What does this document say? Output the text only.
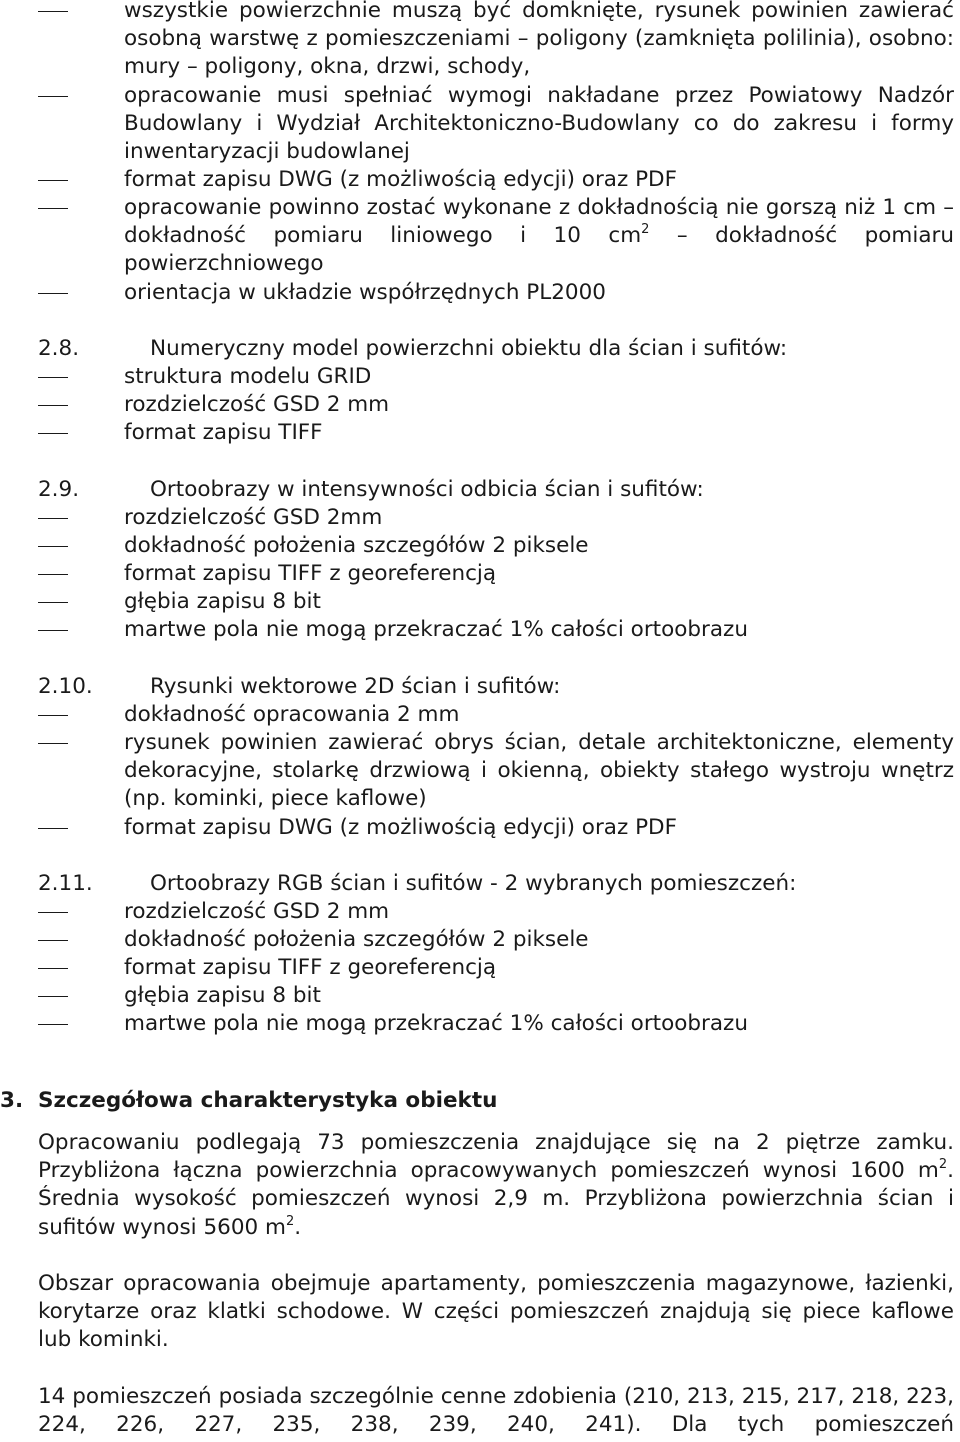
wszystkie powierzchnie muszą być domknięte, rysunek powinien zawierać osobną warstwę z pomieszczeniami – poligony (zamknięta polilinia), osobno: mury – poligony, okna, drzwi, schody,
opracowanie musi spełniać wymogi nakładane przez Powiatowy Nadzór Budowlany i Wydział Architektoniczno-Budowlany co do zakresu i formy inwentaryzacji budowlanej
format zapisu DWG (z możliwością edycji) oraz PDF
opracowanie powinno zostać wykonane z dokładnością nie gorszą niż 1 cm – dokładność pomiaru liniowego i 10 $cm^2$ – dokładność pomiaru powierzchniowego
orientacja w układzie współrzędnych PL2000
2.8.	Numeryczny model powierzchni obiektu dla ścian i sufitów:
struktura modelu GRID
rozdzielczość GSD 2 mm
format zapisu TIFF
2.9.	Ortoobrazy w intensywności odbicia ścian i sufitów:
rozdzielczość GSD 2mm
dokładność położenia szczegółów 2 piksele
format zapisu TIFF z georeferencją
głębia zapisu 8 bit
martwe pola nie mogą przekraczać 1% całości ortoobrazu
2.10.	Rysunki wektorowe 2D ścian i sufitów:
dokładność opracowania 2 mm
rysunek powinien zawierać obrys ścian, detale architektoniczne, elementy dekoracyjne, stolarkę drzwiową i okienną, obiekty stałego wystroju wnętrz (np. kominki, piece kaflowe)
format zapisu DWG (z możliwością edycji) oraz PDF
2.11.	Ortoobrazy RGB ścian i sufitów - 2 wybranych pomieszczeń:
rozdzielczość GSD 2 mm
dokładność położenia szczegółów 2 piksele
format zapisu TIFF z georeferencją
głębia zapisu 8 bit
martwe pola nie mogą przekraczać 1% całości ortoobrazu
3. Szczegółowa charakterystyka obiektu
Opracowaniu podlegają 73 pomieszczenia znajdujące się na 2 piętrze zamku. Przybliżona łączna powierzchnia opracowywanych pomieszczeń wynosi 1600 $m^2$. Średnia wysokość pomieszczeń wynosi 2,9 m. Przybliżona powierzchnia ścian i sufitów wynosi 5600 $m^2$.
Obszar opracowania obejmuje apartamenty, pomieszczenia magazynowe, łazienki, korytarze oraz klatki schodowe. W części pomieszczeń znajdują się piece kaflowe lub kominki.
14 pomieszczeń posiada szczególnie cenne zdobienia (210, 213, 215, 217, 218, 223, 224, 226, 227, 235, 238, 239, 240, 241). Dla tych pomieszczeń
